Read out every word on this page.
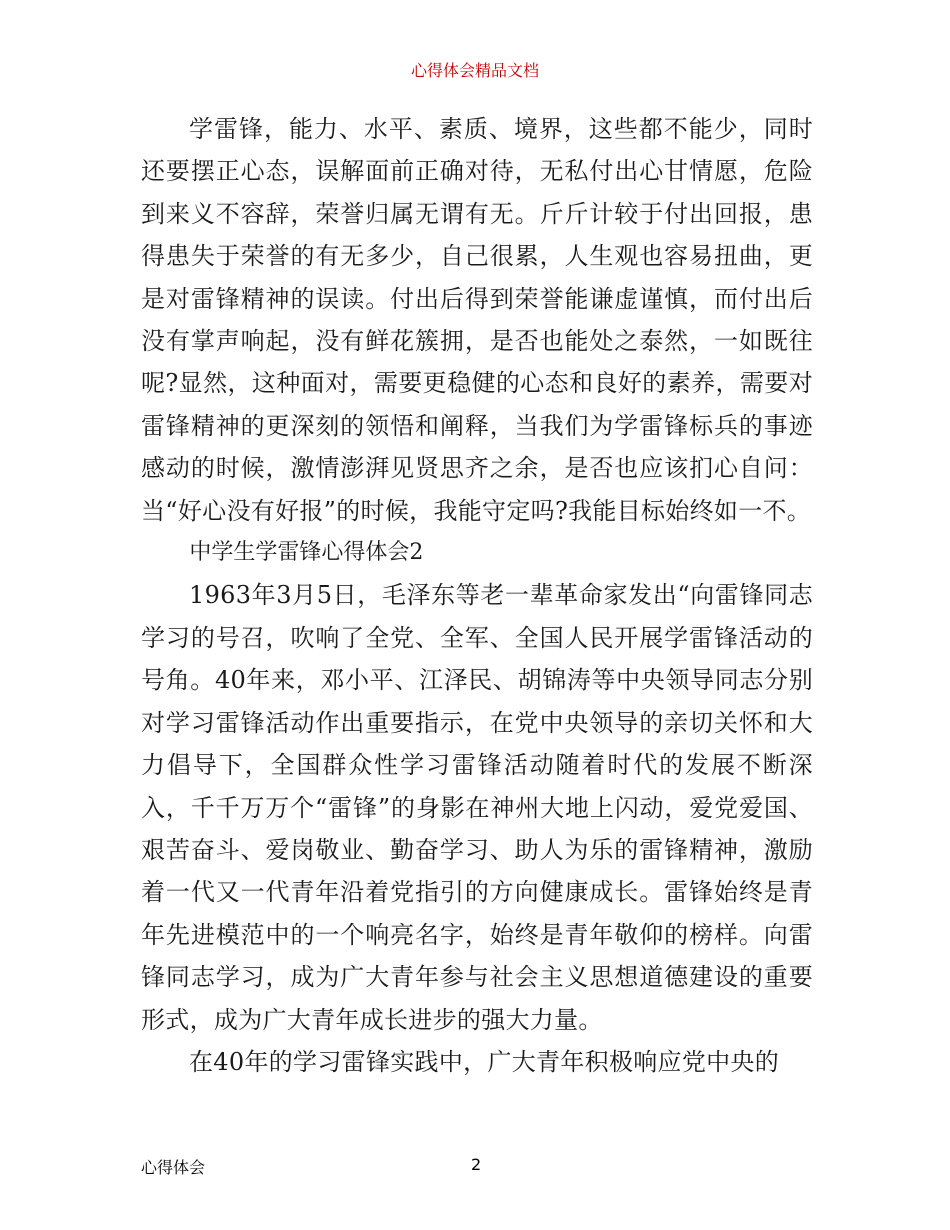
心得体会精品文档

学雷锋，能力、水平、素质、境界，这些都不能少，同时还要摆正心态，误解面前正确对待，无私付出心甘情愿，危险到来义不容辞，荣誉归属无谓有无。斤斤计较于付出回报，患得患失于荣誉的有无多少，自己很累，人生观也容易扭曲，更是对雷锋精神的误读。付出后得到荣誉能谦虚谨慎，而付出后没有掌声响起，没有鲜花簇拥，是否也能处之泰然，一如既往呢?显然，这种面对，需要更稳健的心态和良好的素养，需要对雷锋精神的更深刻的领悟和阐释，当我们为学雷锋标兵的事迹感动的时候，激情澎湃见贤思齐之余，是否也应该扪心自问：当“好心没有好报”的时候，我能守定吗?我能目标始终如一不。

中学生学雷锋心得体会2

1963年3月5日，毛泽东等老一辈革命家发出“向雷锋同志学习的号召，吹响了全党、全军、全国人民开展学雷锋活动的号角。40年来，邓小平、江泽民、胡锦涛等中央领导同志分别对学习雷锋活动作出重要指示，在党中央领导的亲切关怀和大力倡导下，全国群众性学习雷锋活动随着时代的发展不断深入，千千万万个“雷锋”的身影在神州大地上闪动，爱党爱国、艰苦奋斗、爱岗敬业、勤奋学习、助人为乐的雷锋精神，激励着一代又一代青年沿着党指引的方向健康成长。雷锋始终是青年先进模范中的一个响亮名字，始终是青年敬仰的榜样。向雷锋同志学习，成为广大青年参与社会主义思想道德建设的重要形式，成为广大青年成长进步的强大力量。

在40年的学习雷锋实践中，广大青年积极响应党中央的

心得体会	2
